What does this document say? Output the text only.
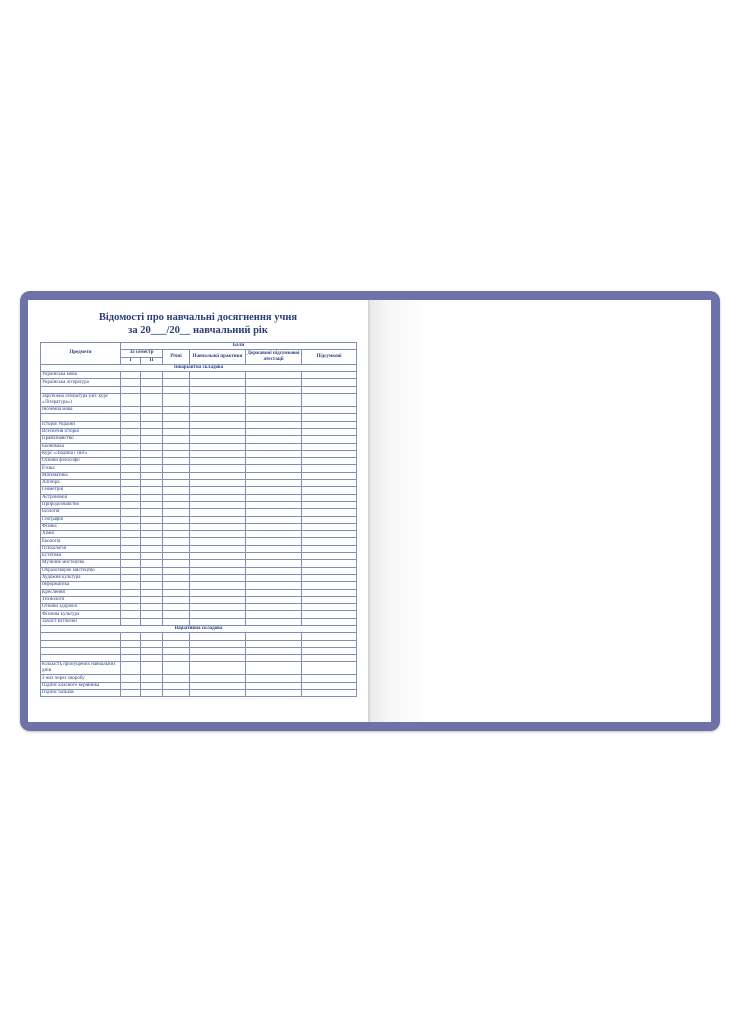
Відомості про навчальні досягнення учня
за 20___/20__ навчальний рік
Предмети	Бали					
	За семестр		Річні	Навчальної практики	Державної підсумкової атестації	Підсумкові
	I	II				
Інваріантна складова						
Українська мова						
Українська література						

Зарубіжна література (інт. курс «Література»)						
Іноземна мова						

Історія України						
Всесвітня історія						
Правознавство						
Економіка						
Курс «Людина і світ»						
Основи філософії						
Етика						
Математика						
Алгебра						
Геометрія						
Астрономія						
Природознавство						
Біологія						
Географія						
Фізика						
Хімія						
Екологія						
Психологія						
Естетика						
Музичне мистецтво						
Образотворче мистецтво						
Художня культура						
Інформатика						
Креслення						
Технології						
Основи здоров'я						
Фізична культура						
Захист Вітчизни						
Варіативна складова						

Кількість пропущених навчальних днів						
З них через хворобу						
Підпис класного керівника						
Підпис батьків						
